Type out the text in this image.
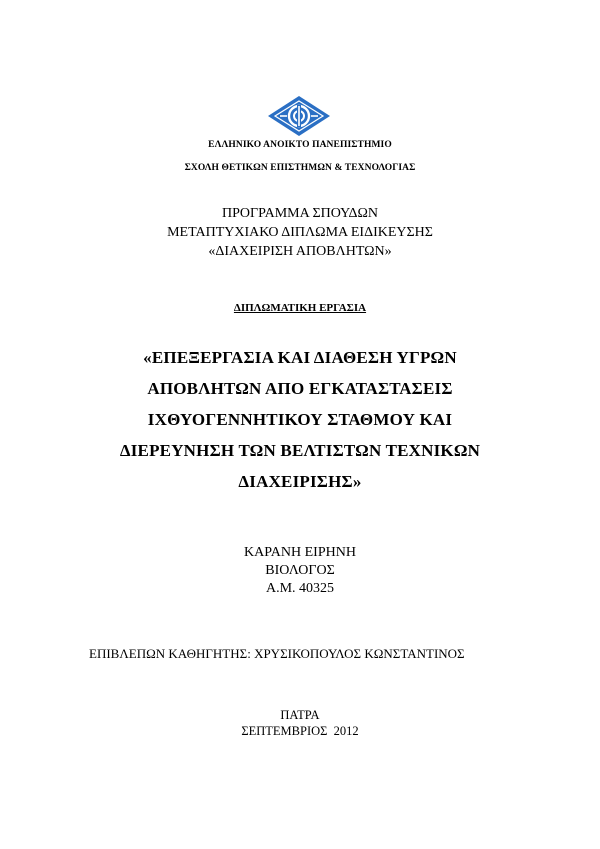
ΕΛΛΗΝΙΚΟ ΑΝΟΙΚΤΟ ΠΑΝΕΠΙΣΤΗΜΙΟ
ΣΧΟΛΗ ΘΕΤΙΚΩΝ ΕΠΙΣΤΗΜΩΝ & ΤΕΧΝΟΛΟΓΙΑΣ
ΠΡΟΓΡΑΜΜΑ ΣΠΟΥΔΩΝ
ΜΕΤΑΠΤΥΧΙΑΚΟ ΔΙΠΛΩΜΑ ΕΙΔΙΚΕΥΣΗΣ
«ΔΙΑΧΕΙΡΙΣΗ ΑΠΟΒΛΗΤΩΝ»
ΔΙΠΛΩΜΑΤΙΚΗ ΕΡΓΑΣΙΑ
«ΕΠΕΞΕΡΓΑΣΙΑ ΚΑΙ ΔΙΑΘΕΣΗ ΥΓΡΩΝ
ΑΠΟΒΛΗΤΩΝ ΑΠΟ ΕΓΚΑΤΑΣΤΑΣΕΙΣ
ΙΧΘΥΟΓΕΝΝΗΤΙΚΟΥ ΣΤΑΘΜΟΥ ΚΑΙ
ΔΙΕΡΕΥΝΗΣΗ ΤΩΝ ΒΕΛΤΙΣΤΩΝ ΤΕΧΝΙΚΩΝ
ΔΙΑΧΕΙΡΙΣΗΣ»
ΚΑΡΑΝΗ ΕΙΡΗΝΗ
ΒΙΟΛΟΓΟΣ
Α.Μ. 40325
ΕΠΙΒΛΕΠΩΝ ΚΑΘΗΓΗΤΗΣ: ΧΡΥΣΙΚΟΠΟΥΛΟΣ ΚΩΝΣΤΑΝΤΙΝΟΣ
ΠΑΤΡΑ
ΣΕΠΤΕΜΒΡΙΟΣ  2012
